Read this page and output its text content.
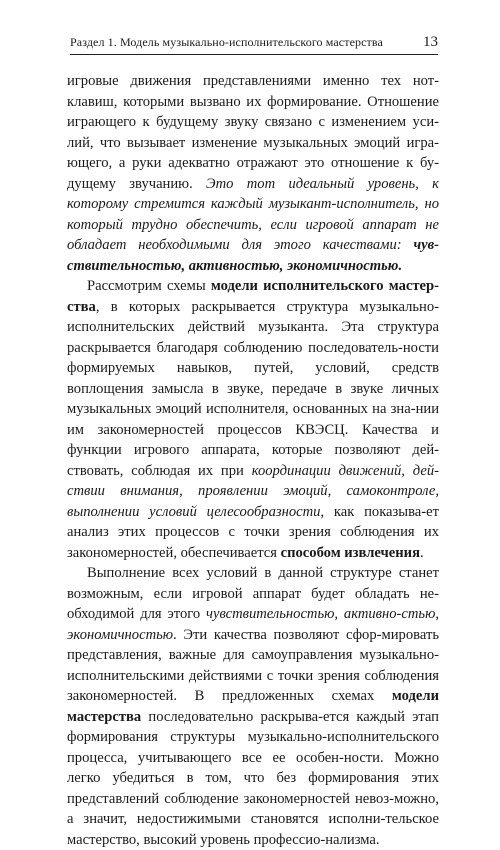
Раздел 1. Модель музыкально-исполнительского мастерства	13

игровые движения представлениями именно тех нот-клавиш, которыми вызвано их формирование. Отношение играющего к будущему звуку связано с изменением уси-лий, что вызывает изменение музыкальных эмоций игра-ющего, а руки адекватно отражают это отношение к бу-дущему звучанию. Это тот идеальный уровень, к которому стремится каждый музыкант-исполнитель, но который трудно обеспечить, если игровой аппарат не обладает необходимыми для этого качествами: чув-ствительностью, активностью, экономичностью.

Рассмотрим схемы модели исполнительского мастер-ства, в которых раскрывается структура музыкально-исполнительских действий музыканта. Эта структура раскрывается благодаря соблюдению последователь-ности формируемых навыков, путей, условий, средств воплощения замысла в звуке, передаче в звуке личных музыкальных эмоций исполнителя, основанных на зна-нии им закономерностей процессов КВЭСЦ. Качества и функции игрового аппарата, которые позволяют дей-ствовать, соблюдая их при координации движений, дей-ствии внимания, проявлении эмоций, самоконтроле, выполнении условий целесообразности, как показыва-ет анализ этих процессов с точки зрения соблюдения их закономерностей, обеспечивается способом извлечения.

Выполнение всех условий в данной структуре станет возможным, если игровой аппарат будет обладать не-обходимой для этого чувствительностью, активно-стью, экономичностью. Эти качества позволяют сфор-мировать представления, важные для самоуправления музыкально-исполнительскими действиями с точки зрения соблюдения закономерностей. В предложенных схемах модели мастерства последовательно раскрыва-ется каждый этап формирования структуры музыкально-исполнительского процесса, учитывающего все ее особен-ности. Можно легко убедиться в том, что без формирования этих представлений соблюдение закономерностей невоз-можно, а значит, недостижимыми становятся исполни-тельское мастерство, высокий уровень профессио-нализма.
